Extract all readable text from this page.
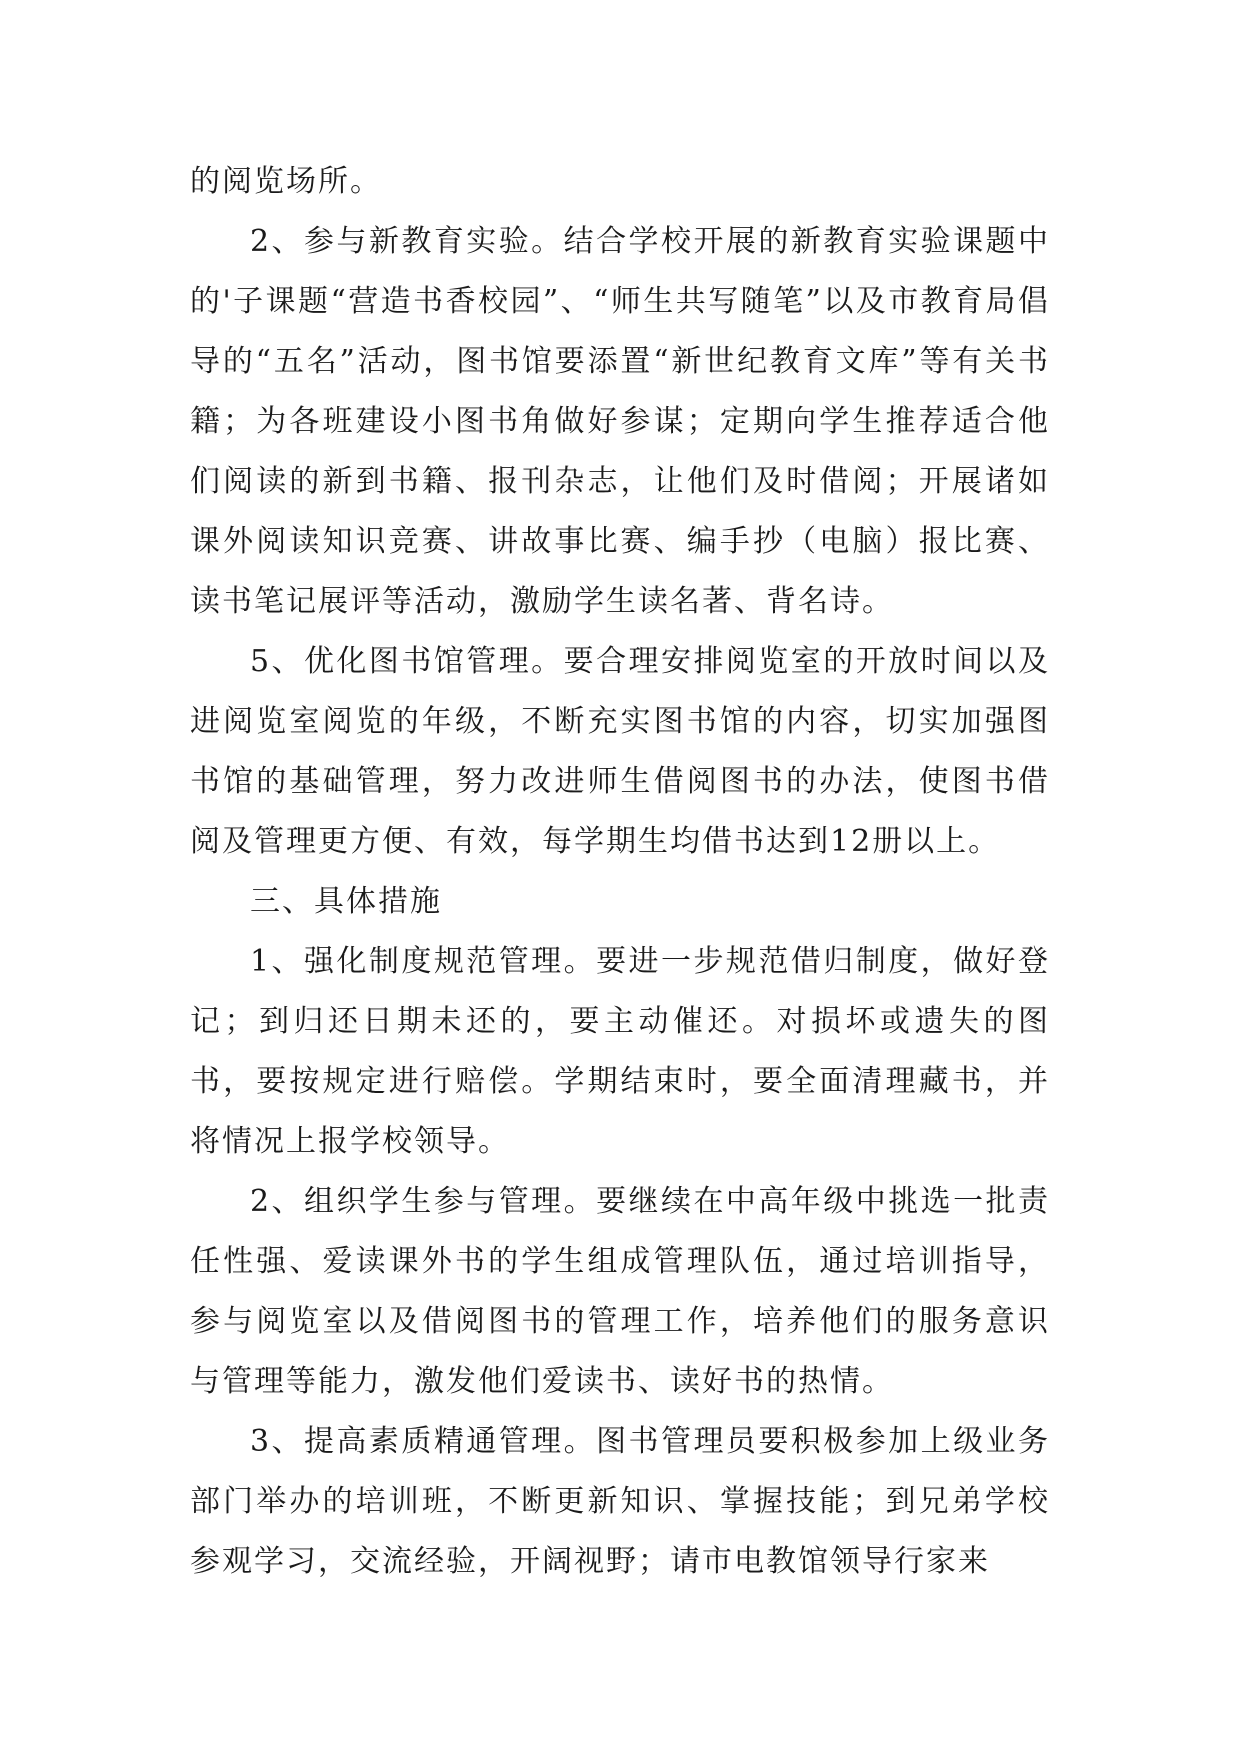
的阅览场所。

2、参与新教育实验。结合学校开展的新教育实验课题中的'子课题“营造书香校园”、“师生共写随笔”以及市教育局倡导的“五名”活动，图书馆要添置“新世纪教育文库”等有关书籍；为各班建设小图书角做好参谋；定期向学生推荐适合他们阅读的新到书籍、报刊杂志，让他们及时借阅；开展诸如课外阅读知识竞赛、讲故事比赛、编手抄（电脑）报比赛、读书笔记展评等活动，激励学生读名著、背名诗。

5、优化图书馆管理。要合理安排阅览室的开放时间以及进阅览室阅览的年级，不断充实图书馆的内容，切实加强图书馆的基础管理，努力改进师生借阅图书的办法，使图书借阅及管理更方便、有效，每学期生均借书达到12册以上。

三、具体措施

1、强化制度规范管理。要进一步规范借归制度，做好登记；到归还日期未还的，要主动催还。对损坏或遗失的图书，要按规定进行赔偿。学期结束时，要全面清理藏书，并将情况上报学校领导。

2、组织学生参与管理。要继续在中高年级中挑选一批责任性强、爱读课外书的学生组成管理队伍，通过培训指导，参与阅览室以及借阅图书的管理工作，培养他们的服务意识与管理等能力，激发他们爱读书、读好书的热情。

3、提高素质精通管理。图书管理员要积极参加上级业务部门举办的培训班，不断更新知识、掌握技能；到兄弟学校参观学习，交流经验，开阔视野；请市电教馆领导行家来
